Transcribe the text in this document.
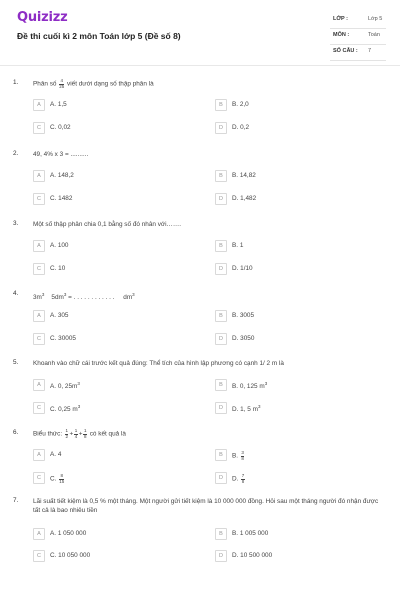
Quizizz
Đề thi cuối kì 2 môn Toán lớp 5 (Đề số 8)
LỚP :	Lớp 5
MÔN :	Toán
SỐ CÂU : 7
1. Phân số $\frac{4}{25}$ viết dưới dạng số thập phân là
A	A. 1,5	B	B. 2,0
C	C. 0,02	D	D. 0,2
2. 49, 4% x 3 = ..........
A	A. 148,2	B	B. 14,82
C	C. 1482	D	D. 1,482
3. Một số thập phân chia 0,1 bằng số đó nhân với…….
A	A. 100	B	B. 1
C	C. 10	D	D. 1/10
4.
$3m^3$ $5dm^3$ = . . . . . . . . . . . . $dm^3$
A	A. 305	B	B. 3005
C	C. 30005	D	D. 3050
5. Khoanh vào chữ cái trước kết quả đúng: Thể tích của hình lập phương có cạnh 1/ 2 m là
A	A. 0, $25m^3$	B	B. 0, 125 $m^3$
C	C. 0,25 $m^3$	D	D. 1, 5 $m^3$
6. Biểu thức: $\frac{1}{2} + \frac{1}{4} + \frac{1}{8}$ có kết quả là
A	A. 4	B	B. $\frac{3}{8}$
C	C. $\frac{8}{15}$	D	D. $\frac{7}{8}$
7. Lãi suất tiết kiệm là 0,5 % một tháng. Một người gửi tiết kiệm là 10 000 000 đồng. Hỏi sau một tháng người đó nhận được tất cả là bao nhiêu tiền
A	A. 1 050 000	B	B. 1 005 000
C	C. 10 050 000	D	D. 10 500 000
